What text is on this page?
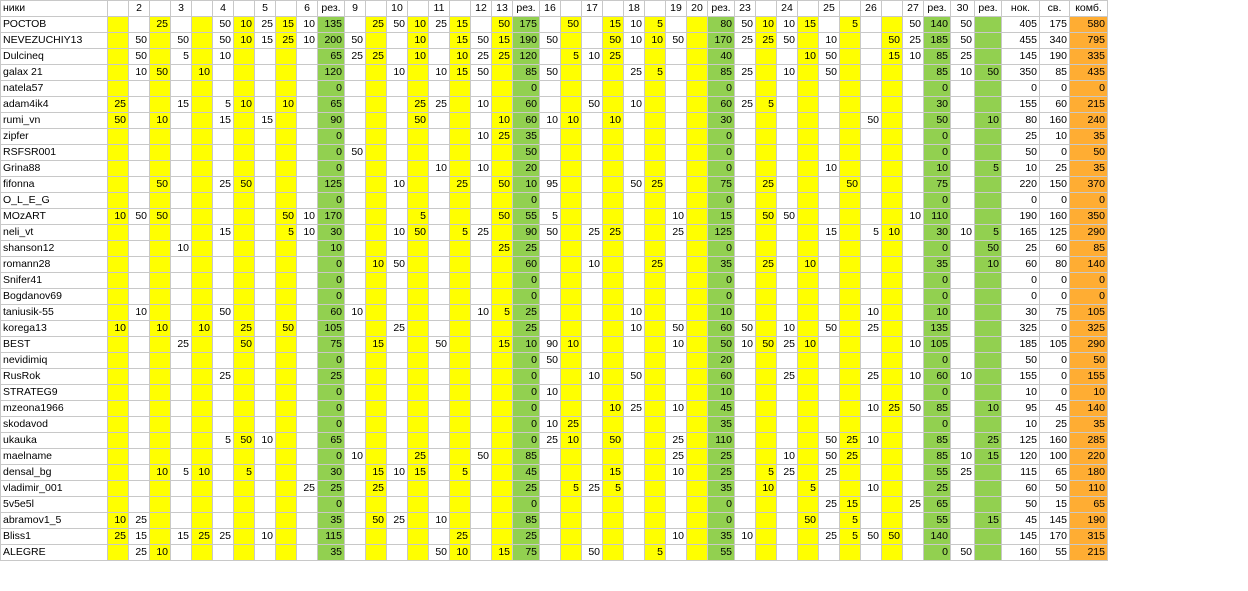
ники		2		3		4		5		6	рез.	9		10		11		12	13	рез.	16		17		18		19	20	рез.	23		24		25		26		27	рез.	30	рез.	нок.	св.	комб.
РОСТОВ			25			50	10	25	15	10	135		25	50	10	25	15		50	175		50		15	10	5			80	50	10	10	15		5			50	140	50		405	175	580
NEVEZUCHIY13		50		50		50	10	15	25	10	200	50			10		15	50	15	190	50			50	10	10	50		170	25	25	50		10			50	25	185	50		455	340	795
Dulcineq		50		5		10					65	25	25		10		10	25	25	120		5	10	25					40				10	50			15	10	85	25		145	190	335
galax 21		10	50		10						120			10		10	15	50		85	50				25	5			85	25		10		50					85	10	50	350	85	435
natela57											0									0									0										0			0	0	0
adam4ik4	25			15		5	10		10		65				25	25		10		60			50		10				60	25	5								30			155	60	215
rumi_vn	50		10			15		15			90				50				10	60	10	10		10					30							50			50		10	80	160	240
zipfer											0							10	25	35									0										0			25	10	35
RSFSR001											0	50								50									0										0			50	0	50
Grina88											0					10		10		20									0					10					10		5	10	25	35
fifonna			50			25	50				125			10			25		50	10	95				50	25			75		25				50				75			220	150	370
O_L_E_G											0									0									0										0			0	0	0
MOzART	10	50	50						50	10	170				5				50	55	5						10		15		50	50						10	110			190	160	350
neli_vt						15			5	10	30			10	50		5	25		90	50		25	25			25		125					15		5	10		30	10	5	165	125	290
shanson12				10							10								25	25									0										0		50	25	60	85
romann28											0		10	50						60			10			25			35		25		10						35		10	60	80	140
Snifer41											0									0									0										0			0	0	0
Bogdanov69											0									0									0										0			0	0	0
taniusik-55		10				50					60	10						10	5	25					10				10							10			10			30	75	105
korega13	10		10		10		25		50		105			25						25					10		50		60	50		10		50		25			135			325	0	325
BEST				25			50				75		15			50			15	10	90	10					10		50	10	50	25	10					10	105			185	105	290
nevidimiq											0									0	50								20										0			50	0	50
RusRok						25					25									0			10		50				60			25				25		10	60	10		155	0	155
STRATEG9											0									0	10								10										0			10	0	10
mzeona1966											0									0				10	25		10		45							10	25	50	85		10	95	45	140
skodavod											0									0	10	25							35										0			10	25	35
ukauka						5	50	10			65									0	25	10		50			25		110					50	25	10			85		25	125	160	285
maelname											0	10			25			50		85							25		25			10		50	25				85	10	15	120	100	220
densal_bg			10	5	10		5				30		15	10	15		5			45				15			10		25		5	25		25					55	25		115	65	180
vladimir_001										25	25		25							25		5	25	5					35		10		5			10			25			60	50	110
5v5e5l											0									0									0					25	15			25	65			50	15	65
abramov1_5	10	25									35		50	25		10				85									0				50		5				55		15	45	145	190
Bliss1	25	15		15	25	25		10			115						25			25							10		35	10				25	5	50	50		140			145	170	315
ALEGRE		25	10								35					50	10		15	75			50			5			55										0	50		160	55	215
